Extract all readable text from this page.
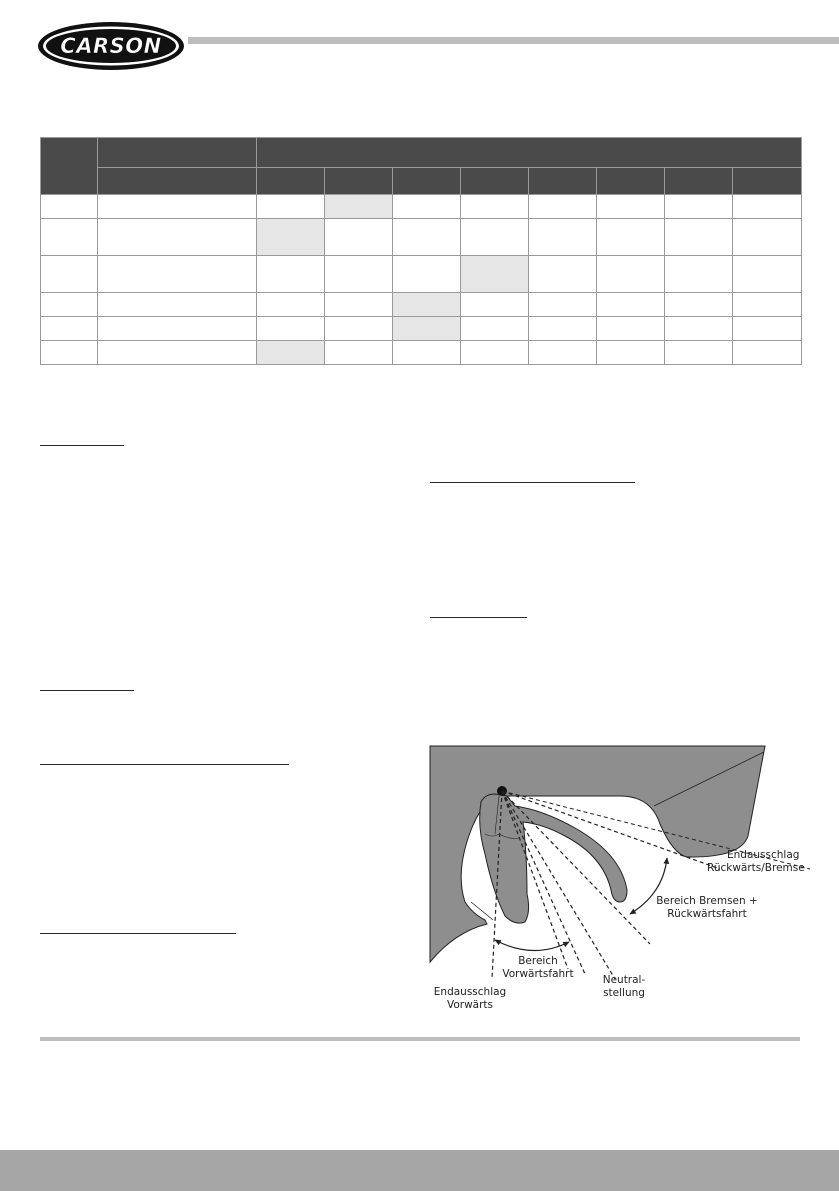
CARSON

Endausschlag
Rückwärts/Bremse
Bereich Bremsen +
Rückwärtsfahrt
Bereich
Vorwärtsfahrt	Neutral-
stellung
Endausschlag
Vorwärts
